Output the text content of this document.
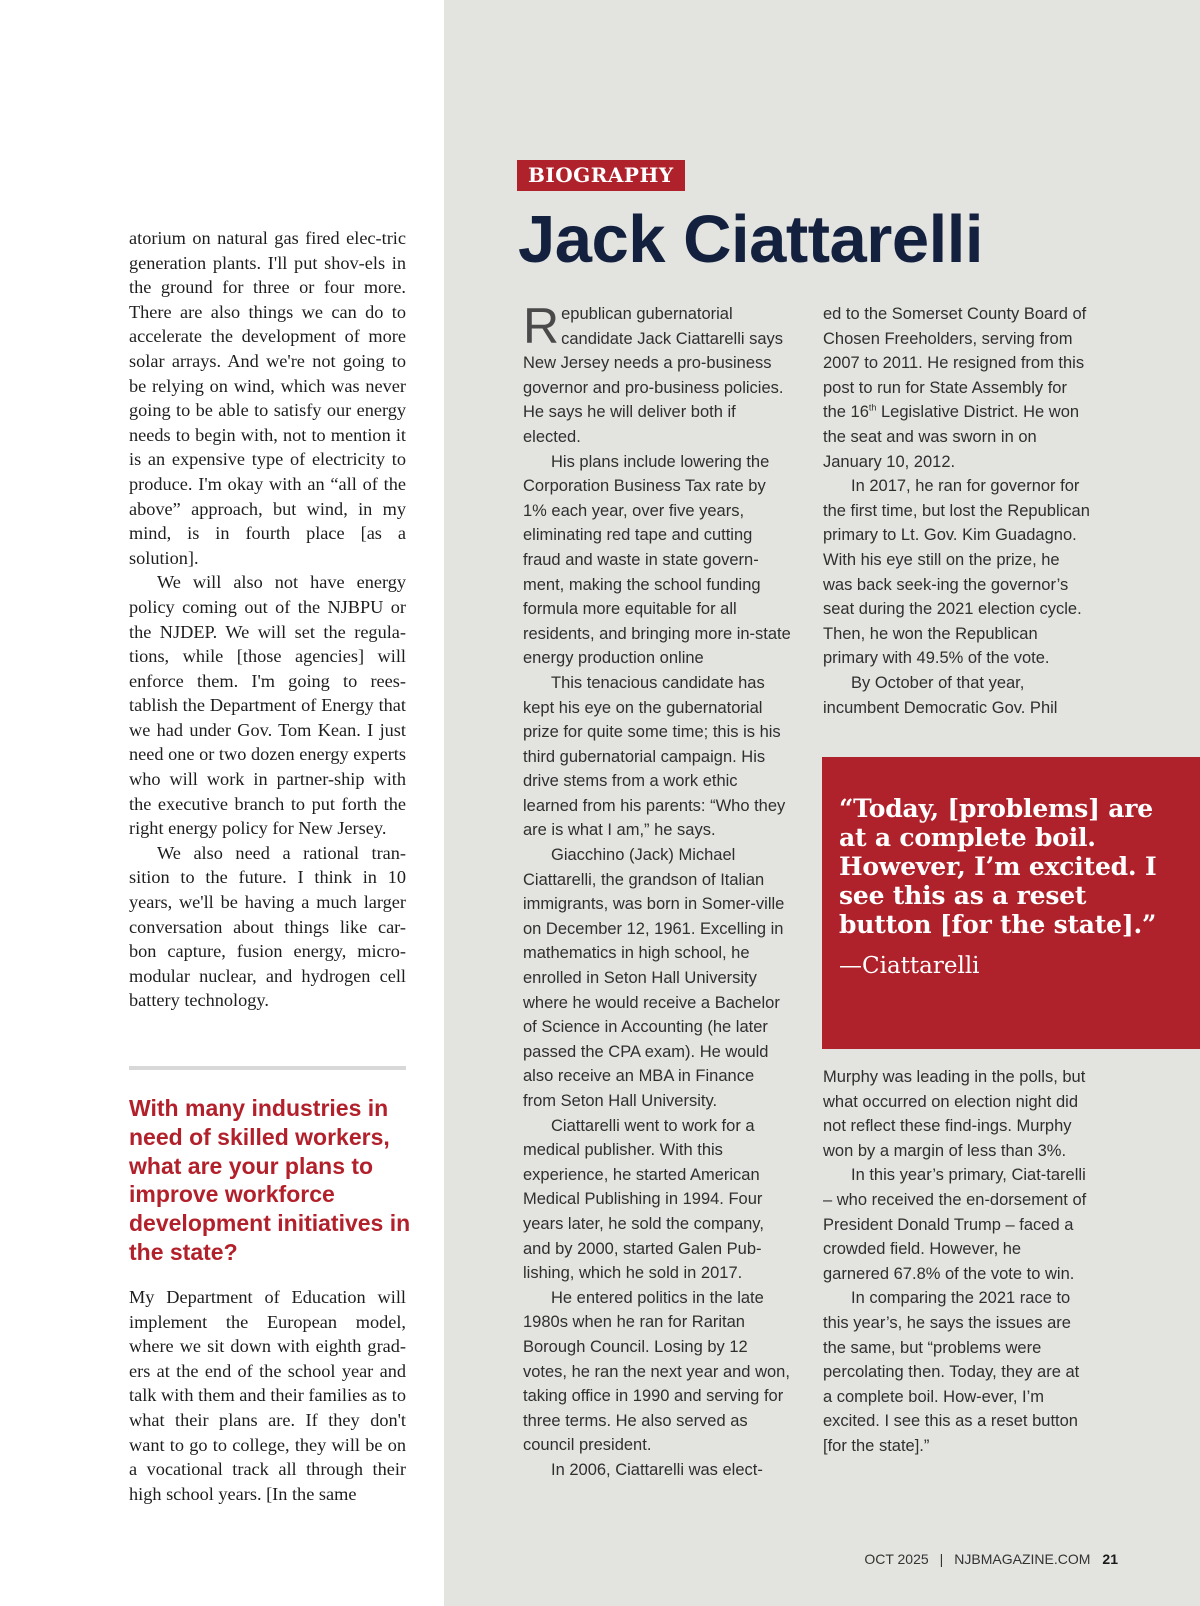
atorium on natural gas fired elec-tric generation plants. I'll put shov-els in the ground for three or four more. There are also things we can do to accelerate the development of more solar arrays. And we're not going to be relying on wind, which was never going to be able to satisfy our energy needs to begin with, not to mention it is an expensive type of electricity to produce. I'm okay with an “all of the above” approach, but wind, in my mind, is in fourth place [as a solution].

We will also not have energy policy coming out of the NJBPU or the NJDEP. We will set the regula-tions, while [those agencies] will enforce them. I'm going to rees-tablish the Department of Energy that we had under Gov. Tom Kean. I just need one or two dozen energy experts who will work in partner-ship with the executive branch to put forth the right energy policy for New Jersey.

We also need a rational tran-sition to the future. I think in 10 years, we'll be having a much larger conversation about things like car-bon capture, fusion energy, micro-modular nuclear, and hydrogen cell battery technology.

With many industries in need of skilled workers, what are your plans to improve workforce development initiatives in the state?

My Department of Education will implement the European model, where we sit down with eighth grad-ers at the end of the school year and talk with them and their families as to what their plans are. If they don't want to go to college, they will be on a vocational track all through their high school years. [In the same

BIOGRAPHY
Jack Ciattarelli

Republican gubernatorial candidate Jack Ciattarelli says New Jersey needs a pro-business governor and pro-business policies. He says he will deliver both if elected.

His plans include lowering the Corporation Business Tax rate by 1% each year, over five years, eliminating red tape and cutting fraud and waste in state govern-ment, making the school funding formula more equitable for all residents, and bringing more in-state energy production online

This tenacious candidate has kept his eye on the gubernatorial prize for quite some time; this is his third gubernatorial campaign. His drive stems from a work ethic learned from his parents: “Who they are is what I am,” he says.

Giacchino (Jack) Michael Ciattarelli, the grandson of Italian immigrants, was born in Somer-ville on December 12, 1961. Excelling in mathematics in high school, he enrolled in Seton Hall University where he would receive a Bachelor of Science in Accounting (he later passed the CPA exam). He would also receive an MBA in Finance from Seton Hall University.

Ciattarelli went to work for a medical publisher. With this experience, he started American Medical Publishing in 1994. Four years later, he sold the company, and by 2000, started Galen Pub-lishing, which he sold in 2017.

He entered politics in the late 1980s when he ran for Raritan Borough Council. Losing by 12 votes, he ran the next year and won, taking office in 1990 and serving for three terms. He also served as council president.

In 2006, Ciattarelli was elect-

ed to the Somerset County Board of Chosen Freeholders, serving from 2007 to 2011. He resigned from this post to run for State Assembly for the 16th Legislative District. He won the seat and was sworn in on January 10, 2012.

In 2017, he ran for governor for the first time, but lost the Republican primary to Lt. Gov. Kim Guadagno. With his eye still on the prize, he was back seek-ing the governor’s seat during the 2021 election cycle. Then, he won the Republican primary with 49.5% of the vote.

By October of that year, incumbent Democratic Gov. Phil

“Today, [problems] are at a complete boil. However, I’m excited. I see this as a reset button [for the state].”

—Ciattarelli

Murphy was leading in the polls, but what occurred on election night did not reflect these find-ings. Murphy won by a margin of less than 3%.

In this year’s primary, Ciat-tarelli – who received the en-dorsement of President Donald Trump – faced a crowded field. However, he garnered 67.8% of the vote to win.

In comparing the 2021 race to this year’s, he says the issues are the same, but “problems were percolating then. Today, they are at a complete boil. How-ever, I’m excited. I see this as a reset button [for the state].”

OCT 2025 | NJBMAGAZINE.COM 21
